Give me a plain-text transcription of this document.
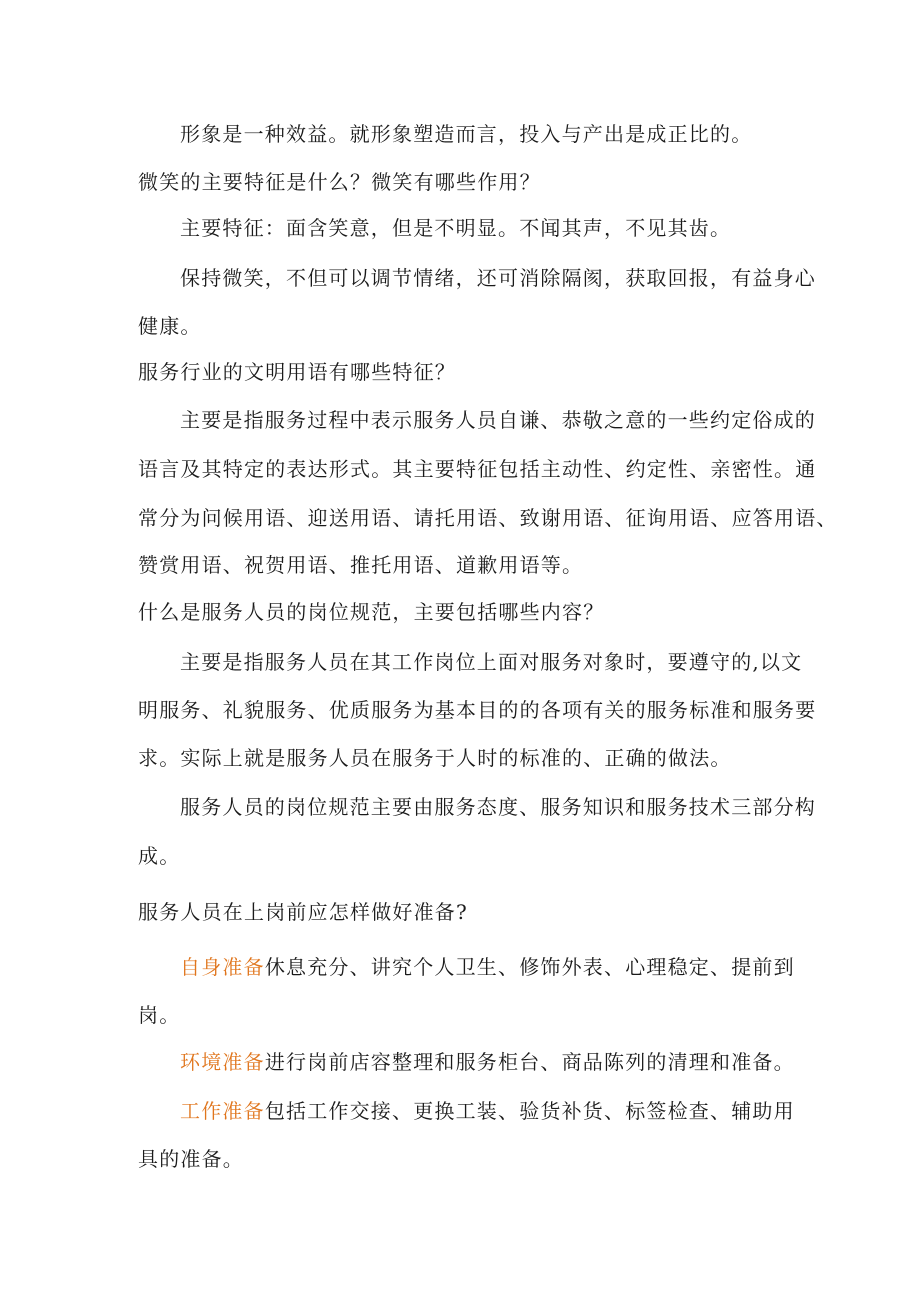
形象是一种效益。就形象塑造而言，投入与产出是成正比的。
微笑的主要特征是什么？微笑有哪些作用？
主要特征：面含笑意，但是不明显。不闻其声，不见其齿。
保持微笑，不但可以调节情绪，还可消除隔阂，获取回报，有益身心
健康。
服务行业的文明用语有哪些特征？
主要是指服务过程中表示服务人员自谦、恭敬之意的一些约定俗成的
语言及其特定的表达形式。其主要特征包括主动性、约定性、亲密性。通
常分为问候用语、迎送用语、请托用语、致谢用语、征询用语、应答用语、
赞赏用语、祝贺用语、推托用语、道歉用语等。
什么是服务人员的岗位规范，主要包括哪些内容？
主要是指服务人员在其工作岗位上面对服务对象时，要遵守的,以文
明服务、礼貌服务、优质服务为基本目的的各项有关的服务标准和服务要
求。实际上就是服务人员在服务于人时的标准的、正确的做法。
服务人员的岗位规范主要由服务态度、服务知识和服务技术三部分构
成。
服务人员在上岗前应怎样做好准备?
自身准备休息充分、讲究个人卫生、修饰外表、心理稳定、提前到
岗。
环境准备进行岗前店容整理和服务柜台、商品陈列的清理和准备。
工作准备包括工作交接、更换工装、验货补货、标签检查、辅助用
具的准备。
